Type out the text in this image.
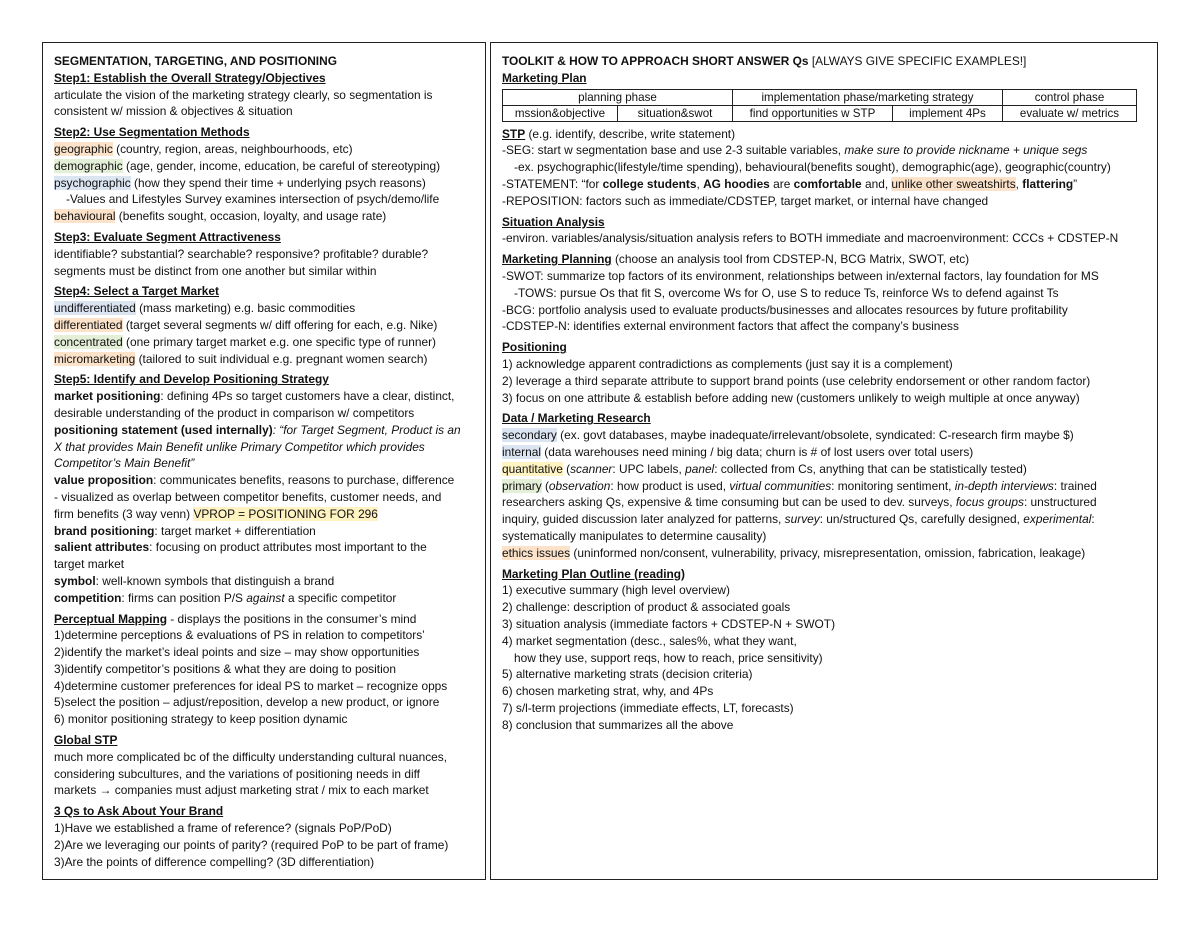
SEGMENTATION, TARGETING, AND POSITIONING
Step1: Establish the Overall Strategy/Objectives
articulate the vision of the marketing strategy clearly, so segmentation is
consistent w/ mission & objectives & situation
Step2: Use Segmentation Methods
geographic (country, region, areas, neighbourhoods, etc)
demographic (age, gender, income, education, be careful of stereotyping)
psychographic (how they spend their time + underlying psych reasons)
-Values and Lifestyles Survey examines intersection of psych/demo/life
behavioural (benefits sought, occasion, loyalty, and usage rate)
Step3: Evaluate Segment Attractiveness
identifiable? substantial? searchable? responsive? profitable? durable?
segments must be distinct from one another but similar within
Step4: Select a Target Market
undifferentiated (mass marketing) e.g. basic commodities
differentiated (target several segments w/ diff offering for each, e.g. Nike)
concentrated (one primary target market e.g. one specific type of runner)
micromarketing (tailored to suit individual e.g. pregnant women search)
Step5: Identify and Develop Positioning Strategy
market positioning: defining 4Ps so target customers have a clear, distinct,
desirable understanding of the product in comparison w/ competitors
positioning statement (used internally): “for Target Segment, Product is an
X that provides Main Benefit unlike Primary Competitor which provides
Competitor’s Main Benefit”
value proposition: communicates benefits, reasons to purchase, difference
- visualized as overlap between competitor benefits, customer needs, and
firm benefits (3 way venn) VPROP = POSITIONING FOR 296
brand positioning: target market + differentiation
salient attributes: focusing on product attributes most important to the
target market
symbol: well-known symbols that distinguish a brand
competition: firms can position P/S against a specific competitor
Perceptual Mapping - displays the positions in the consumer’s mind
1)determine perceptions & evaluations of PS in relation to competitors’
2)identify the market’s ideal points and size – may show opportunities
3)identify competitor’s positions & what they are doing to position
4)determine customer preferences for ideal PS to market – recognize opps
5)select the position – adjust/reposition, develop a new product, or ignore
6) monitor positioning strategy to keep position dynamic
Global STP
much more complicated bc of the difficulty understanding cultural nuances,
considering subcultures, and the variations of positioning needs in diff
markets → companies must adjust marketing strat / mix to each market
3 Qs to Ask About Your Brand
1)Have we established a frame of reference? (signals PoP/PoD)
2)Are we leveraging our points of parity? (required PoP to be part of frame)
3)Are the points of difference compelling? (3D differentiation)
TOOLKIT & HOW TO APPROACH SHORT ANSWER Qs [ALWAYS GIVE SPECIFIC EXAMPLES!]
Marketing Plan
planning phase		implementation phase/marketing strategy		control phase
mssion&objective	situation&swot	find opportunities w STP	implement 4Ps	evaluate w/ metrics
STP (e.g. identify, describe, write statement)
-SEG: start w segmentation base and use 2-3 suitable variables, make sure to provide nickname + unique segs
-ex. psychographic(lifestyle/time spending), behavioural(benefits sought), demographic(age), geographic(country)
-STATEMENT: “for college students, AG hoodies are comfortable and, unlike other sweatshirts, flattering”
-REPOSITION: factors such as immediate/CDSTEP, target market, or internal have changed
Situation Analysis
-environ. variables/analysis/situation analysis refers to BOTH immediate and macroenvironment: CCCs + CDSTEP-N
Marketing Planning (choose an analysis tool from CDSTEP-N, BCG Matrix, SWOT, etc)
-SWOT: summarize top factors of its environment, relationships between in/external factors, lay foundation for MS
-TOWS: pursue Os that fit S, overcome Ws for O, use S to reduce Ts, reinforce Ws to defend against Ts
-BCG: portfolio analysis used to evaluate products/businesses and allocates resources by future profitability
-CDSTEP-N: identifies external environment factors that affect the company’s business
Positioning
1) acknowledge apparent contradictions as complements (just say it is a complement)
2) leverage a third separate attribute to support brand points (use celebrity endorsement or other random factor)
3) focus on one attribute & establish before adding new (customers unlikely to weigh multiple at once anyway)
Data / Marketing Research
secondary (ex. govt databases, maybe inadequate/irrelevant/obsolete, syndicated: C-research firm maybe $)
internal (data warehouses need mining / big data; churn is # of lost users over total users)
quantitative (scanner: UPC labels, panel: collected from Cs, anything that can be statistically tested)
primary (observation: how product is used, virtual communities: monitoring sentiment, in-depth interviews: trained
researchers asking Qs, expensive & time consuming but can be used to dev. surveys, focus groups: unstructured
inquiry, guided discussion later analyzed for patterns, survey: un/structured Qs, carefully designed, experimental:
systematically manipulates to determine causality)
ethics issues (uninformed non/consent, vulnerability, privacy, misrepresentation, omission, fabrication, leakage)
Marketing Plan Outline (reading)
1) executive summary (high level overview)
2) challenge: description of product & associated goals
3) situation analysis (immediate factors + CDSTEP-N + SWOT)
4) market segmentation (desc., sales%, what they want,
how they use, support reqs, how to reach, price sensitivity)
5) alternative marketing strats (decision criteria)
6) chosen marketing strat, why, and 4Ps
7) s/l-term projections (immediate effects, LT, forecasts)
8) conclusion that summarizes all the above
